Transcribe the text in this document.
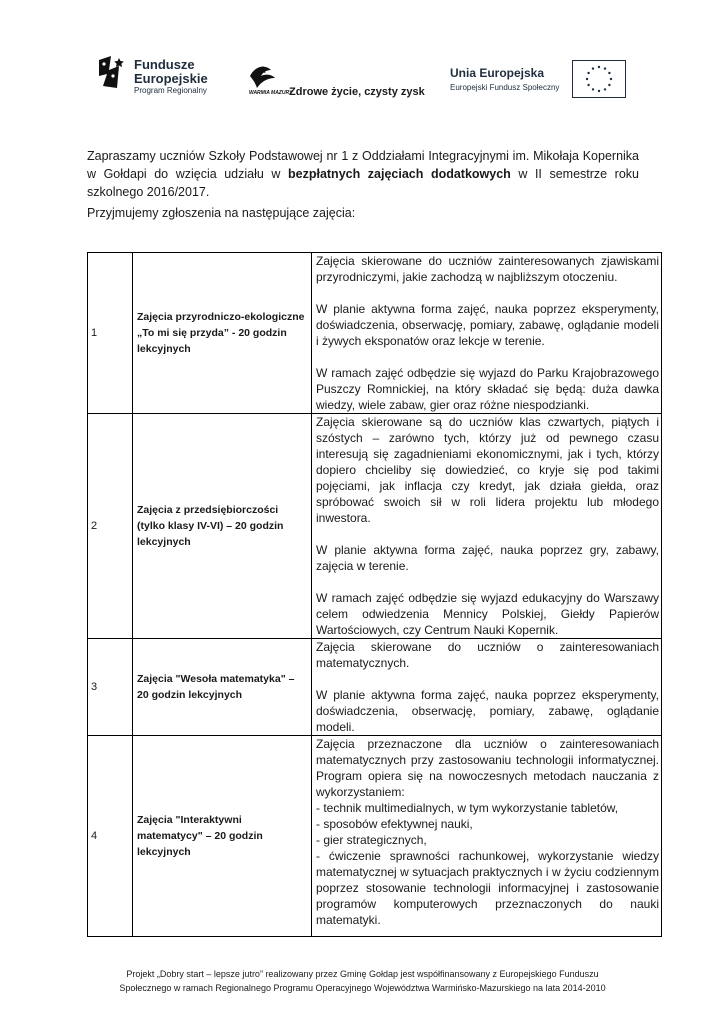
Fundusze
Europejskie
Program Regionalny	WARMIA MAZURY
Zdrowe życie, czysty zysk
Unia Europejska
Europejski Fundusz Społeczny
Zapraszamy uczniów Szkoły Podstawowej nr 1 z Oddziałami Integracyjnymi im. Mikołaja Kopernika w Gołdapi do wzięcia udziału w bezpłatnych zajęciach dodatkowych w II semestrze roku szkolnego 2016/2017.
Przyjmujemy zgłoszenia na następujące zajęcia:
1	Zajęcia przyrodniczo-ekologiczne „To mi się przyda” - 20 godzin lekcyjnych	Zajęcia skierowane do uczniów zainteresowanych zjawiskami przyrodniczymi, jakie zachodzą w najbliższym otoczeniu.

W planie aktywna forma zajęć, nauka poprzez eksperymenty, doświadczenia, obserwację, pomiary, zabawę, oglądanie modeli i żywych eksponatów oraz lekcje w terenie.

W ramach zajęć odbędzie się wyjazd do Parku Krajobrazowego Puszczy Romnickiej, na który składać się będą: duża dawka wiedzy, wiele zabaw, gier oraz różne niespodzianki.

2	Zajęcia z przedsiębiorczości (tylko klasy IV-VI) – 20 godzin lekcyjnych	Zajęcia skierowane są do uczniów klas czwartych, piątych i szóstych – zarówno tych, którzy już od pewnego czasu interesują się zagadnieniami ekonomicznymi, jak i tych, którzy dopiero chcieliby się dowiedzieć, co kryje się pod takimi pojęciami, jak inflacja czy kredyt, jak działa giełda, oraz spróbować swoich sił w roli lidera projektu lub młodego inwestora.

W planie aktywna forma zajęć, nauka poprzez gry, zabawy, zajęcia w terenie.

W ramach zajęć odbędzie się wyjazd edukacyjny do Warszawy celem odwiedzenia Mennicy Polskiej, Giełdy Papierów Wartościowych, czy Centrum Nauki Kopernik.

3	Zajęcia "Wesoła matematyka" – 20 godzin lekcyjnych	Zajęcia skierowane do uczniów o zainteresowaniach matematycznych.

W planie aktywna forma zajęć, nauka poprzez eksperymenty, doświadczenia, obserwację, pomiary, zabawę, oglądanie modeli.

4	Zajęcia "Interaktywni matematycy" – 20 godzin lekcyjnych	Zajęcia przeznaczone dla uczniów o zainteresowaniach matematycznych przy zastosowaniu technologii informatycznej. Program opiera się na nowoczesnych metodach nauczania z wykorzystaniem:
- technik multimedialnych, w tym wykorzystanie tabletów,
- sposobów efektywnej nauki,
- gier strategicznych,
- ćwiczenie sprawności rachunkowej, wykorzystanie wiedzy matematycznej w sytuacjach praktycznych i w życiu codziennym poprzez stosowanie technologii informacyjnej i zastosowanie programów komputerowych przeznaczonych do nauki matematyki.
Projekt „Dobry start – lepsze jutro” realizowany przez Gminę Gołdap jest współfinansowany z Europejskiego Funduszu
Społecznego w ramach Regionalnego Programu Operacyjnego Województwa Warmińsko-Mazurskiego na lata 2014-2010
